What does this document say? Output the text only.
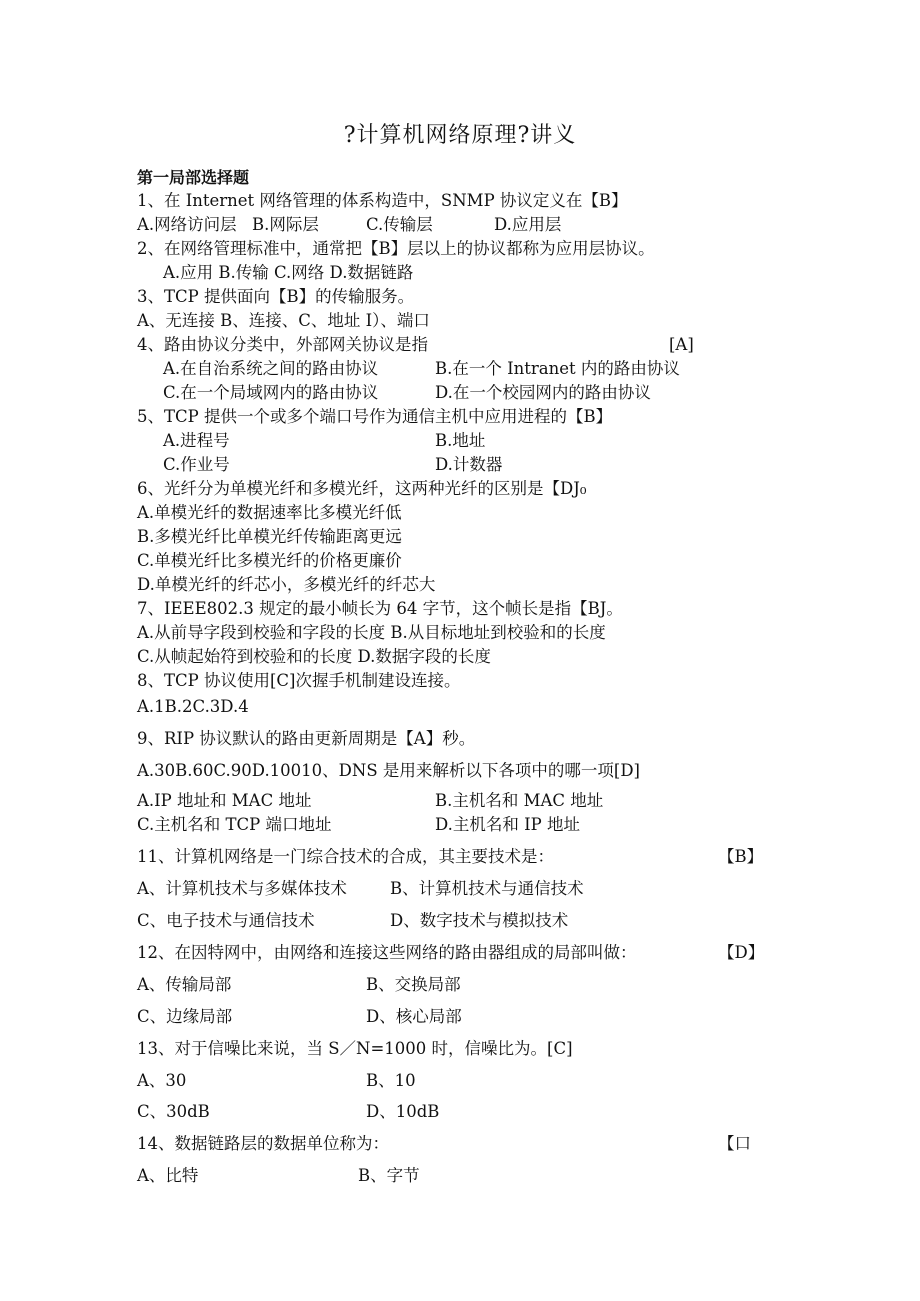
?计算机网络原理?讲义
第一局部选择题
1、在 Internet 网络管理的体系构造中，SNMP 协议定义在【B】
A.网络访问层 B.网际层	C.传输层	D.应用层
2、在网络管理标准中，通常把【B】层以上的协议都称为应用层协议。
A.应用 B.传输 C.网络 D.数据链路
3、TCP 提供面向【B】的传输服务。
A、无连接 B、连接、C、地址 I）、端口
4、路由协议分类中，外部网关协议是指	[A]
A.在自治系统之间的路由协议	B.在一个 Intranet 内的路由协议
C.在一个局域网内的路由协议	D.在一个校园网内的路由协议
5、TCP 提供一个或多个端口号作为通信主机中应用进程的【B】
A.进程号	B.地址
C.作业号	D.计数器
6、光纤分为单模光纤和多模光纤，这两种光纤的区别是【DJ₀
A.单模光纤的数据速率比多模光纤低
B.多模光纤比单模光纤传输距离更远
C.单模光纤比多模光纤的价格更廉价
D.单模光纤的纤芯小，多模光纤的纤芯大
7、IEEE802.3 规定的最小帧长为 64 字节，这个帧长是指【BJ。
A.从前导字段到校验和字段的长度 B.从目标地址到校验和的长度
C.从帧起始符到校验和的长度 D.数据字段的长度
8、TCP 协议使用[C]次握手机制建设连接。
A.1B.2C.3D.4
9、RIP 协议默认的路由更新周期是【A】秒。
A.30B.60C.90D.10010、DNS 是用来解析以下各项中的哪一项[D]
A.IP 地址和 MAC 地址	B.主机名和 MAC 地址
C.主机名和 TCP 端口地址	D.主机名和 IP 地址
11、计算机网络是一门综合技术的合成，其主要技术是：	【B】
A、计算机技术与多媒体技术	B、计算机技术与通信技术
C、电子技术与通信技术	D、数字技术与模拟技术
12、在因特网中，由网络和连接这些网络的路由器组成的局部叫做：	【D】
A、传输局部	B、交换局部
C、边缘局部	D、核心局部
13、对于信噪比来说，当 S／N=1000 时，信噪比为。[C]
A、30	B、10
C、30dB	D、10dB
14、数据链路层的数据单位称为：	【口
A、比特	B、字节
